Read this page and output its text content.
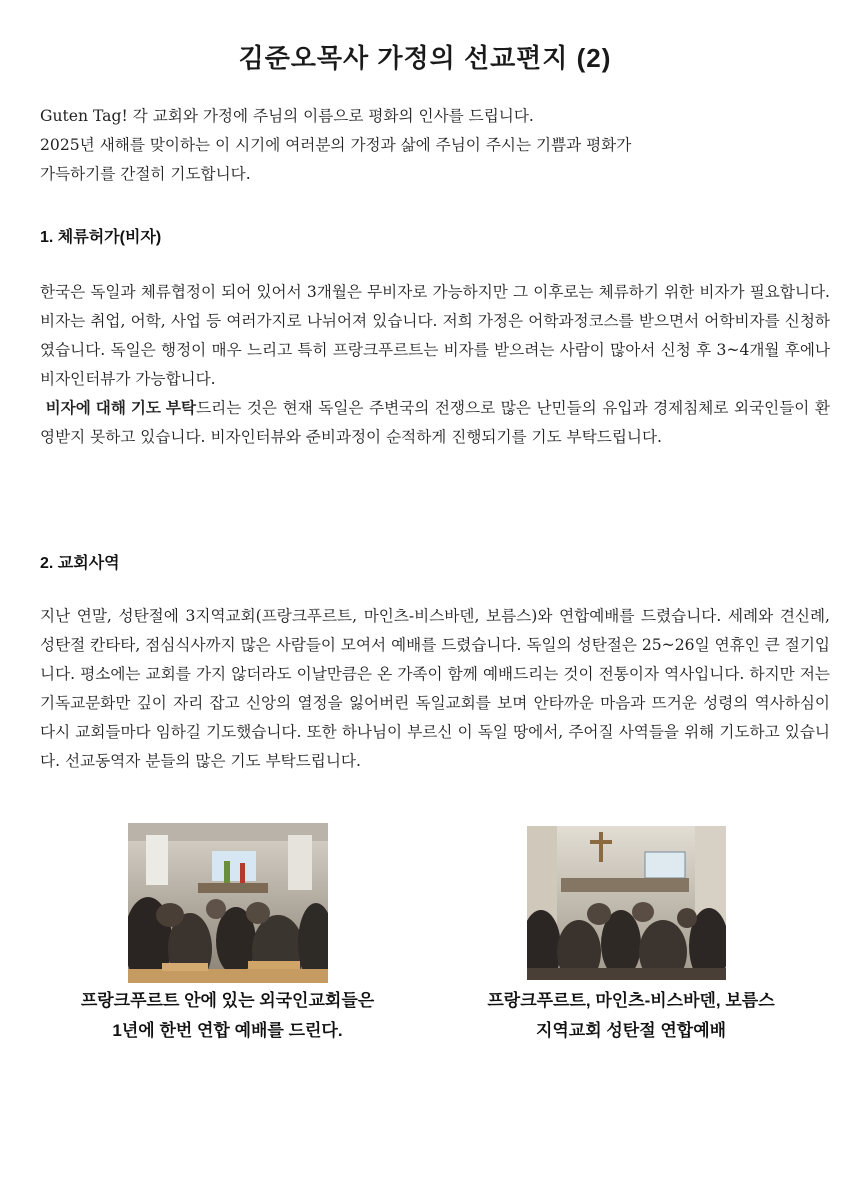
김준오목사 가정의 선교편지 (2)

Guten Tag! 각 교회와 가정에 주님의 이름으로 평화의 인사를 드립니다.

2025년 새해를 맞이하는 이 시기에 여러분의 가정과 삶에 주님이 주시는 기쁨과 평화가

가득하기를 간절히 기도합니다.

1. 체류허가(비자)

한국은 독일과 체류협정이 되어 있어서 3개월은 무비자로 가능하지만 그 이후로는 체류하기 위한 비자가 필요합니다. 비자는 취업, 어학, 사업 등 여러가지로 나뉘어져 있습니다. 저희 가정은 어학과정코스를 받으면서 어학비자를 신청하였습니다. 독일은 행정이 매우 느리고 특히 프랑크푸르트는 비자를 받으려는 사람이 많아서 신청 후 3~4개월 후에나 비자인터뷰가 가능합니다.

비자에 대해 기도 부탁드리는 것은 현재 독일은 주변국의 전쟁으로 많은 난민들의 유입과 경제침체로 외국인들이 환영받지 못하고 있습니다. 비자인터뷰와 준비과정이 순적하게 진행되기를 기도 부탁드립니다.

2. 교회사역

지난 연말, 성탄절에 3지역교회(프랑크푸르트, 마인츠-비스바덴, 보름스)와 연합예배를 드렸습니다. 세례와 견신례, 성탄절 칸타타, 점심식사까지 많은 사람들이 모여서 예배를 드렸습니다. 독일의 성탄절은 25~26일 연휴인 큰 절기입니다. 평소에는 교회를 가지 않더라도 이날만큼은 온 가족이 함께 예배드리는 것이 전통이자 역사입니다. 하지만 저는 기독교문화만 깊이 자리 잡고 신앙의 열정을 잃어버린 독일교회를 보며 안타까운 마음과 뜨거운 성령의 역사하심이 다시 교회들마다 임하길 기도했습니다. 또한 하나님이 부르신 이 독일 땅에서, 주어질 사역들을 위해 기도하고 있습니다. 선교동역자 분들의 많은 기도 부탁드립니다.

프랑크푸르트 안에 있는 외국인교회들은
1년에 한번 연합 예배를 드린다.
프랑크푸르트, 마인츠-비스바덴, 보름스
지역교회 성탄절 연합예배
